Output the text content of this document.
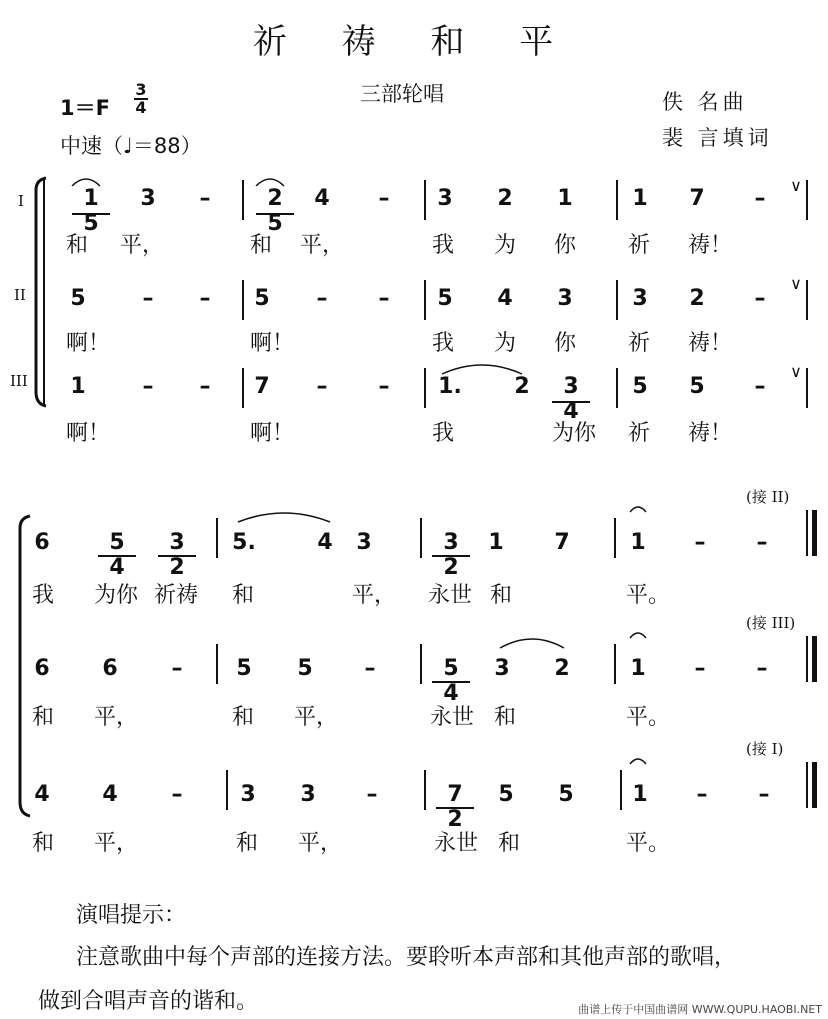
祈 祷 和 平
三部轮唱
1＝F
3
4
中速（♩＝88）
佚 名曲
裴 言填词
I
II
III
(接 II)
(接 III)
(接 I)
1 5
3	–	2 5
4	–	3	2	1	1	7	–
∨
5	–	–	5	–	–	5	4	3	3	2	–
∨
1	–	–	7	–	–	1.	2	3 4
5	5	–
∨
和 平，	和 平，	我 为 你 祈 祷！
啊！	啊！	我 为 你 祈 祷！
啊！	啊！	我	为你 祈 祷！
6	5 4
3 2
5.	4	3	3 2
1	7	1	–	–
6	6	–	5	5	–	5 4
3	2	1	–	–
4	4	–	3	3	–	7 2
5	5	1	–	–
我 为你 祈祷 和	平， 永世 和	平。
和 平，	和 平，	永世 和	平。
和 平，	和 平，	永世 和	平。
演唱提示：
注意歌曲中每个声部的连接方法。要聆听本声部和其他声部的歌唱，
做到合唱声音的谐和。	曲谱上传于中国曲谱网 WWW.QUPU.HAOBI.NET
